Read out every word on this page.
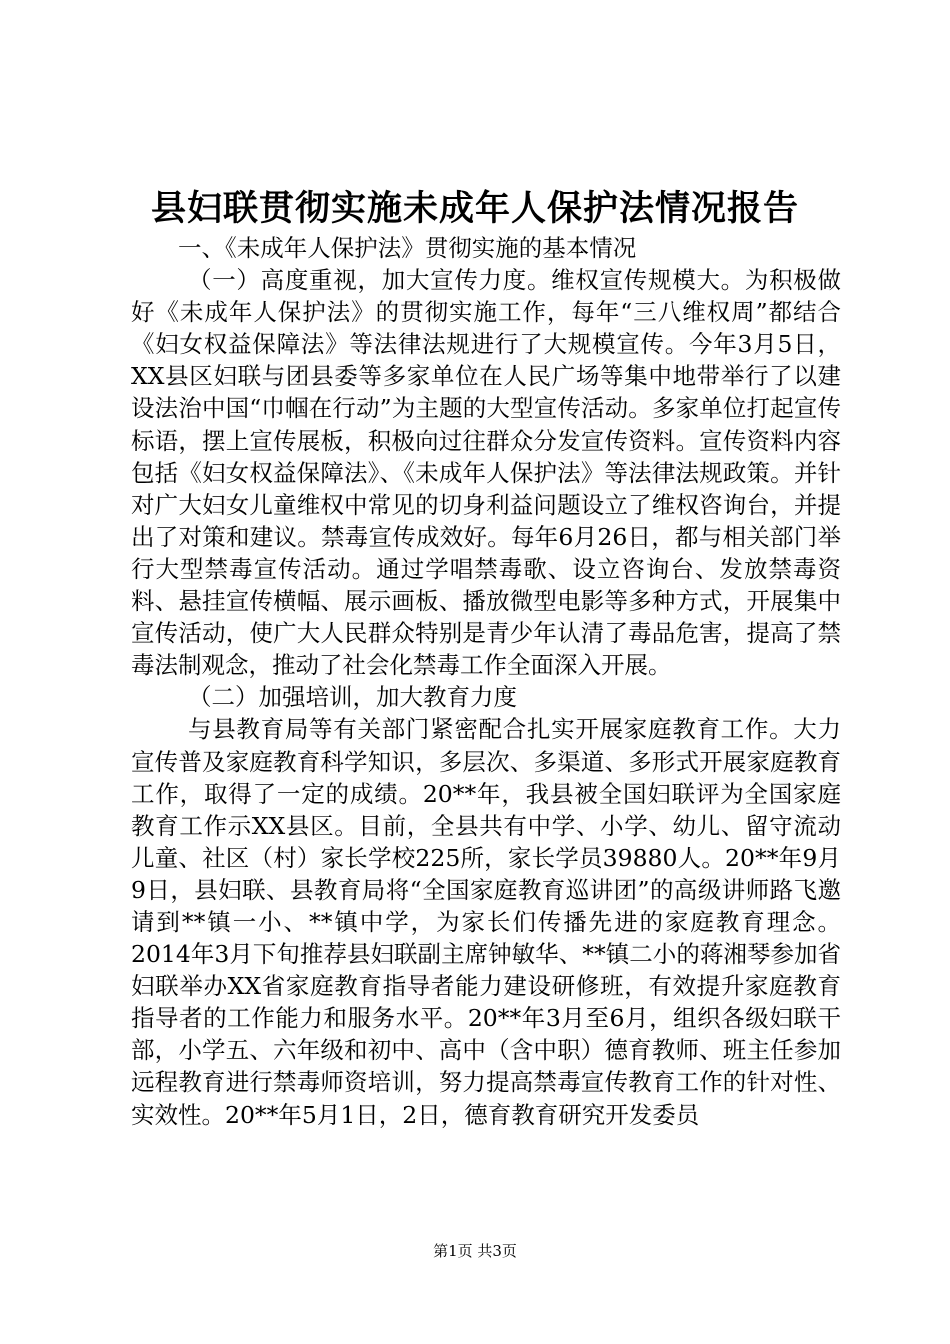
县妇联贯彻实施未成年人保护法情况报告

一、《未成年人保护法》贯彻实施的基本情况

（一）高度重视，加大宣传力度。维权宣传规模大。为积极做好《未成年人保护法》的贯彻实施工作，每年“三八维权周”都结合《妇女权益保障法》等法律法规进行了大规模宣传。今年3月5日，XX县区妇联与团县委等多家单位在人民广场等集中地带举行了以建设法治中国“巾帼在行动”为主题的大型宣传活动。多家单位打起宣传标语，摆上宣传展板，积极向过往群众分发宣传资料。宣传资料内容包括《妇女权益保障法》、《未成年人保护法》等法律法规政策。并针对广大妇女儿童维权中常见的切身利益问题设立了维权咨询台，并提出了对策和建议。禁毒宣传成效好。每年6月26日，都与相关部门举行大型禁毒宣传活动。通过学唱禁毒歌、设立咨询台、发放禁毒资料、悬挂宣传横幅、展示画板、播放微型电影等多种方式，开展集中宣传活动，使广大人民群众特别是青少年认清了毒品危害，提高了禁毒法制观念，推动了社会化禁毒工作全面深入开展。

（二）加强培训，加大教育力度

与县教育局等有关部门紧密配合扎实开展家庭教育工作。大力宣传普及家庭教育科学知识，多层次、多渠道、多形式开展家庭教育工作，取得了一定的成绩。20**年，我县被全国妇联评为全国家庭教育工作示XX县区。目前，全县共有中学、小学、幼儿、留守流动儿童、社区（村）家长学校225所，家长学员39880人。20**年9月9日，县妇联、县教育局将“全国家庭教育巡讲团”的高级讲师路飞邀请到**镇一小、**镇中学，为家长们传播先进的家庭教育理念。2014年3月下旬推荐县妇联副主席钟敏华、**镇二小的蒋湘琴参加省妇联举办XX省家庭教育指导者能力建设研修班，有效提升家庭教育指导者的工作能力和服务水平。20**年3月至6月，组织各级妇联干部，小学五、六年级和初中、高中（含中职）德育教师、班主任参加远程教育进行禁毒师资培训，努力提高禁毒宣传教育工作的针对性、实效性。20**年5月1日，2日，德育教育研究开发委员

第1页 共3页
